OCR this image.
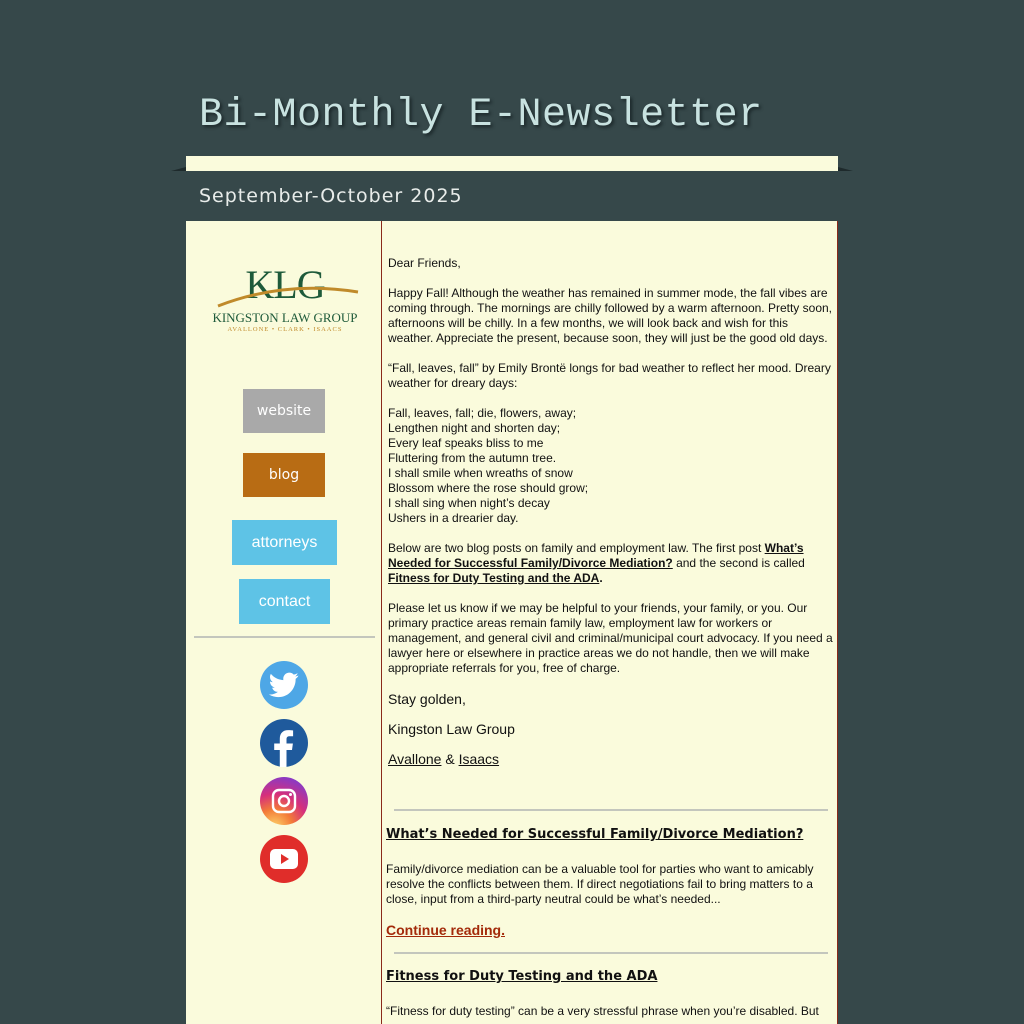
Bi-Monthly E-Newsletter
September-October 2025
KLG
KINGSTON LAW GROUP
AVALLONE • CLARK • ISAACS
website
blog
attorneys
contact

Dear Friends,

Happy Fall! Although the weather has remained in summer mode, the fall vibes are coming through. The mornings are chilly followed by a warm afternoon. Pretty soon, afternoons will be chilly. In a few months, we will look back and wish for this weather. Appreciate the present, because soon, they will just be the good old days.

“Fall, leaves, fall” by Emily Brontë longs for bad weather to reflect her mood. Dreary weather for dreary days:

Fall, leaves, fall; die, flowers, away;
Lengthen night and shorten day;
Every leaf speaks bliss to me
Fluttering from the autumn tree.
I shall smile when wreaths of snow
Blossom where the rose should grow;
I shall sing when night’s decay
Ushers in a drearier day.

Below are two blog posts on family and employment law. The first post What’s Needed for Successful Family/Divorce Mediation? and the second is called Fitness for Duty Testing and the ADA.

Please let us know if we may be helpful to your friends, your family, or you. Our primary practice areas remain family law, employment law for workers or management, and general civil and criminal/municipal court advocacy. If you need a lawyer here or elsewhere in practice areas we do not handle, then we will make appropriate referrals for you, free of charge.

Stay golden,

Kingston Law Group

Avallone & Isaacs

What’s Needed for Successful Family/Divorce Mediation?
Family/divorce mediation can be a valuable tool for parties who want to amicably resolve the conflicts between them. If direct negotiations fail to bring matters to a close, input from a third-party neutral could be what’s needed...
Continue reading.
Fitness for Duty Testing and the ADA
“Fitness for duty testing” can be a very stressful phrase when you’re disabled. But
